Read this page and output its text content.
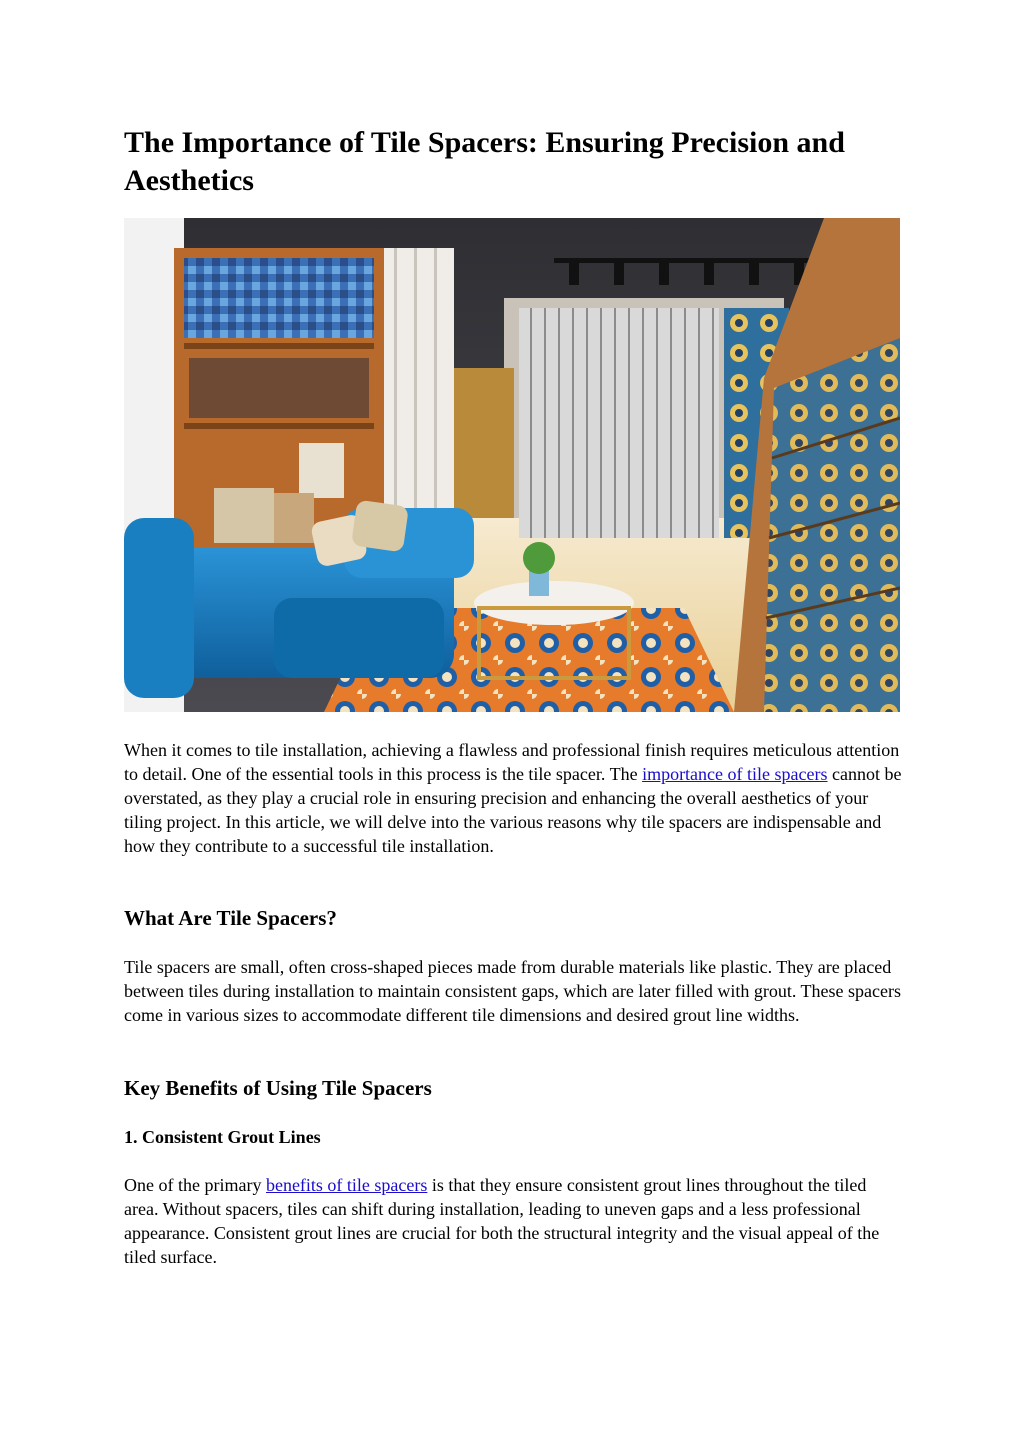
The Importance of Tile Spacers: Ensuring Precision and Aesthetics

When it comes to tile installation, achieving a flawless and professional finish requires meticulous attention to detail. One of the essential tools in this process is the tile spacer. The importance of tile spacers cannot be overstated, as they play a crucial role in ensuring precision and enhancing the overall aesthetics of your tiling project. In this article, we will delve into the various reasons why tile spacers are indispensable and how they contribute to a successful tile installation.

What Are Tile Spacers?

Tile spacers are small, often cross-shaped pieces made from durable materials like plastic. They are placed between tiles during installation to maintain consistent gaps, which are later filled with grout. These spacers come in various sizes to accommodate different tile dimensions and desired grout line widths.

Key Benefits of Using Tile Spacers
1. Consistent Grout Lines

One of the primary benefits of tile spacers is that they ensure consistent grout lines throughout the tiled area. Without spacers, tiles can shift during installation, leading to uneven gaps and a less professional appearance. Consistent grout lines are crucial for both the structural integrity and the visual appeal of the tiled surface.
